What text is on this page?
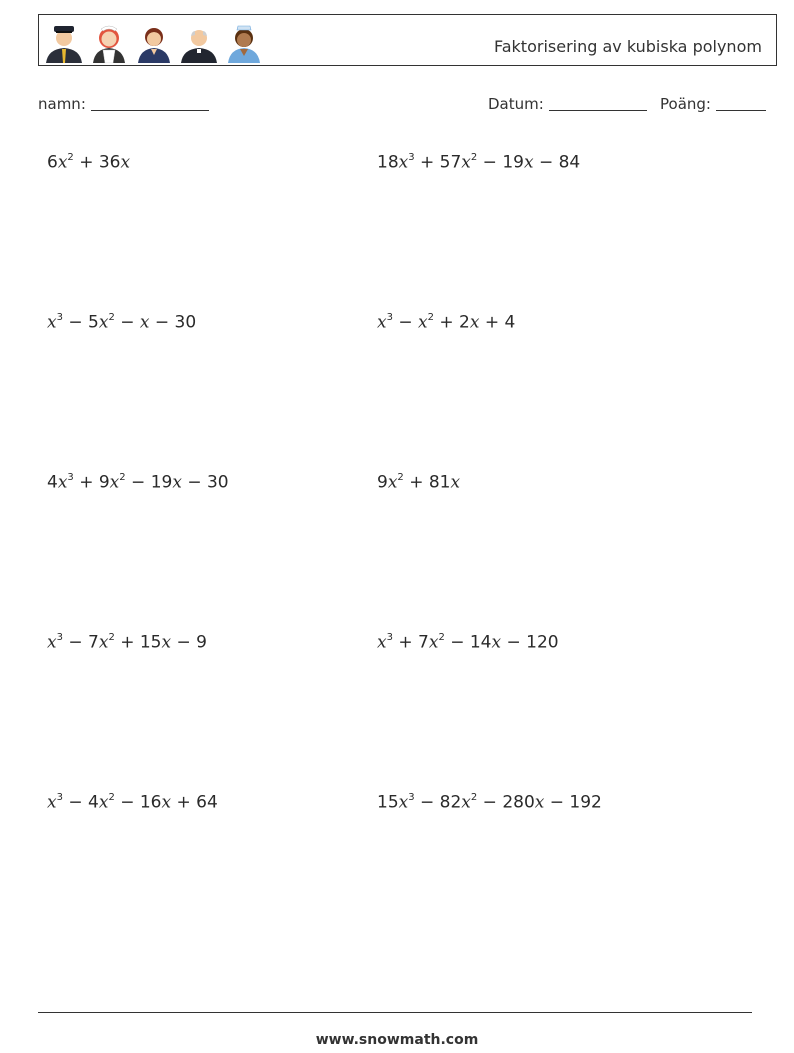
Faktorisering av kubiska polynom
namn:	Datum:	Poäng:
$6x^2 + 36x$	$18x^3 + 57x^2 - 19x - 84$
$x^3 - 5x^2 - x - 30$	$x^3 - x^2 + 2x + 4$
$4x^3 + 9x^2 - 19x - 30$	$9x^2 + 81x$
$x^3 - 7x^2 + 15x - 9$	$x^3 + 7x^2 - 14x - 120$
$x^3 - 4x^2 - 16x + 64$	$15x^3 - 82x^2 - 280x - 192$
www.snowmath.com
